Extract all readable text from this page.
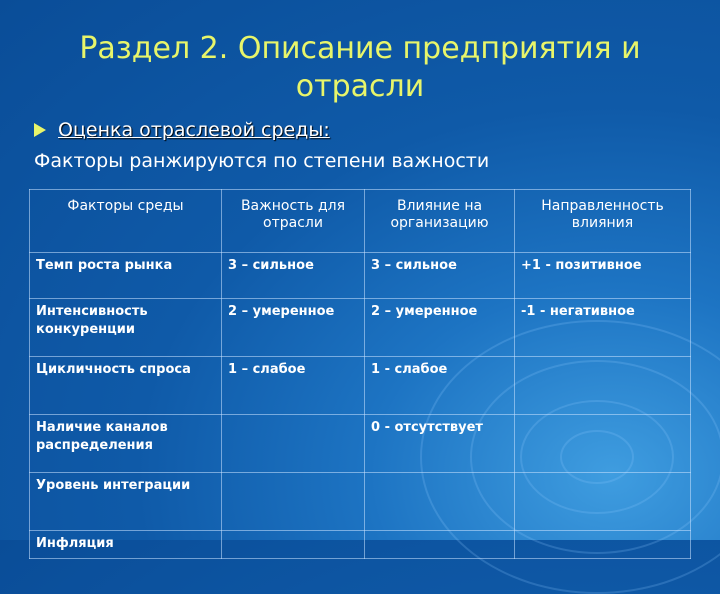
Раздел 2. Описание предприятия и отрасли
Оценка отраслевой среды:
Факторы ранжируются по степени важности
Факторы среды	Важность для отрасли	Влияние на организацию	Направленность влияния
Темп роста рынка	3 – сильное	3 – сильное	+1 - позитивное
Интенсивность конкуренции	2 – умеренное	2 – умеренное	-1 - негативное
Цикличность спроса	1 – слабое	1 - слабое	
Наличие каналов распределения		0 - отсутствует	
Уровень интеграции			
Инфляция			
